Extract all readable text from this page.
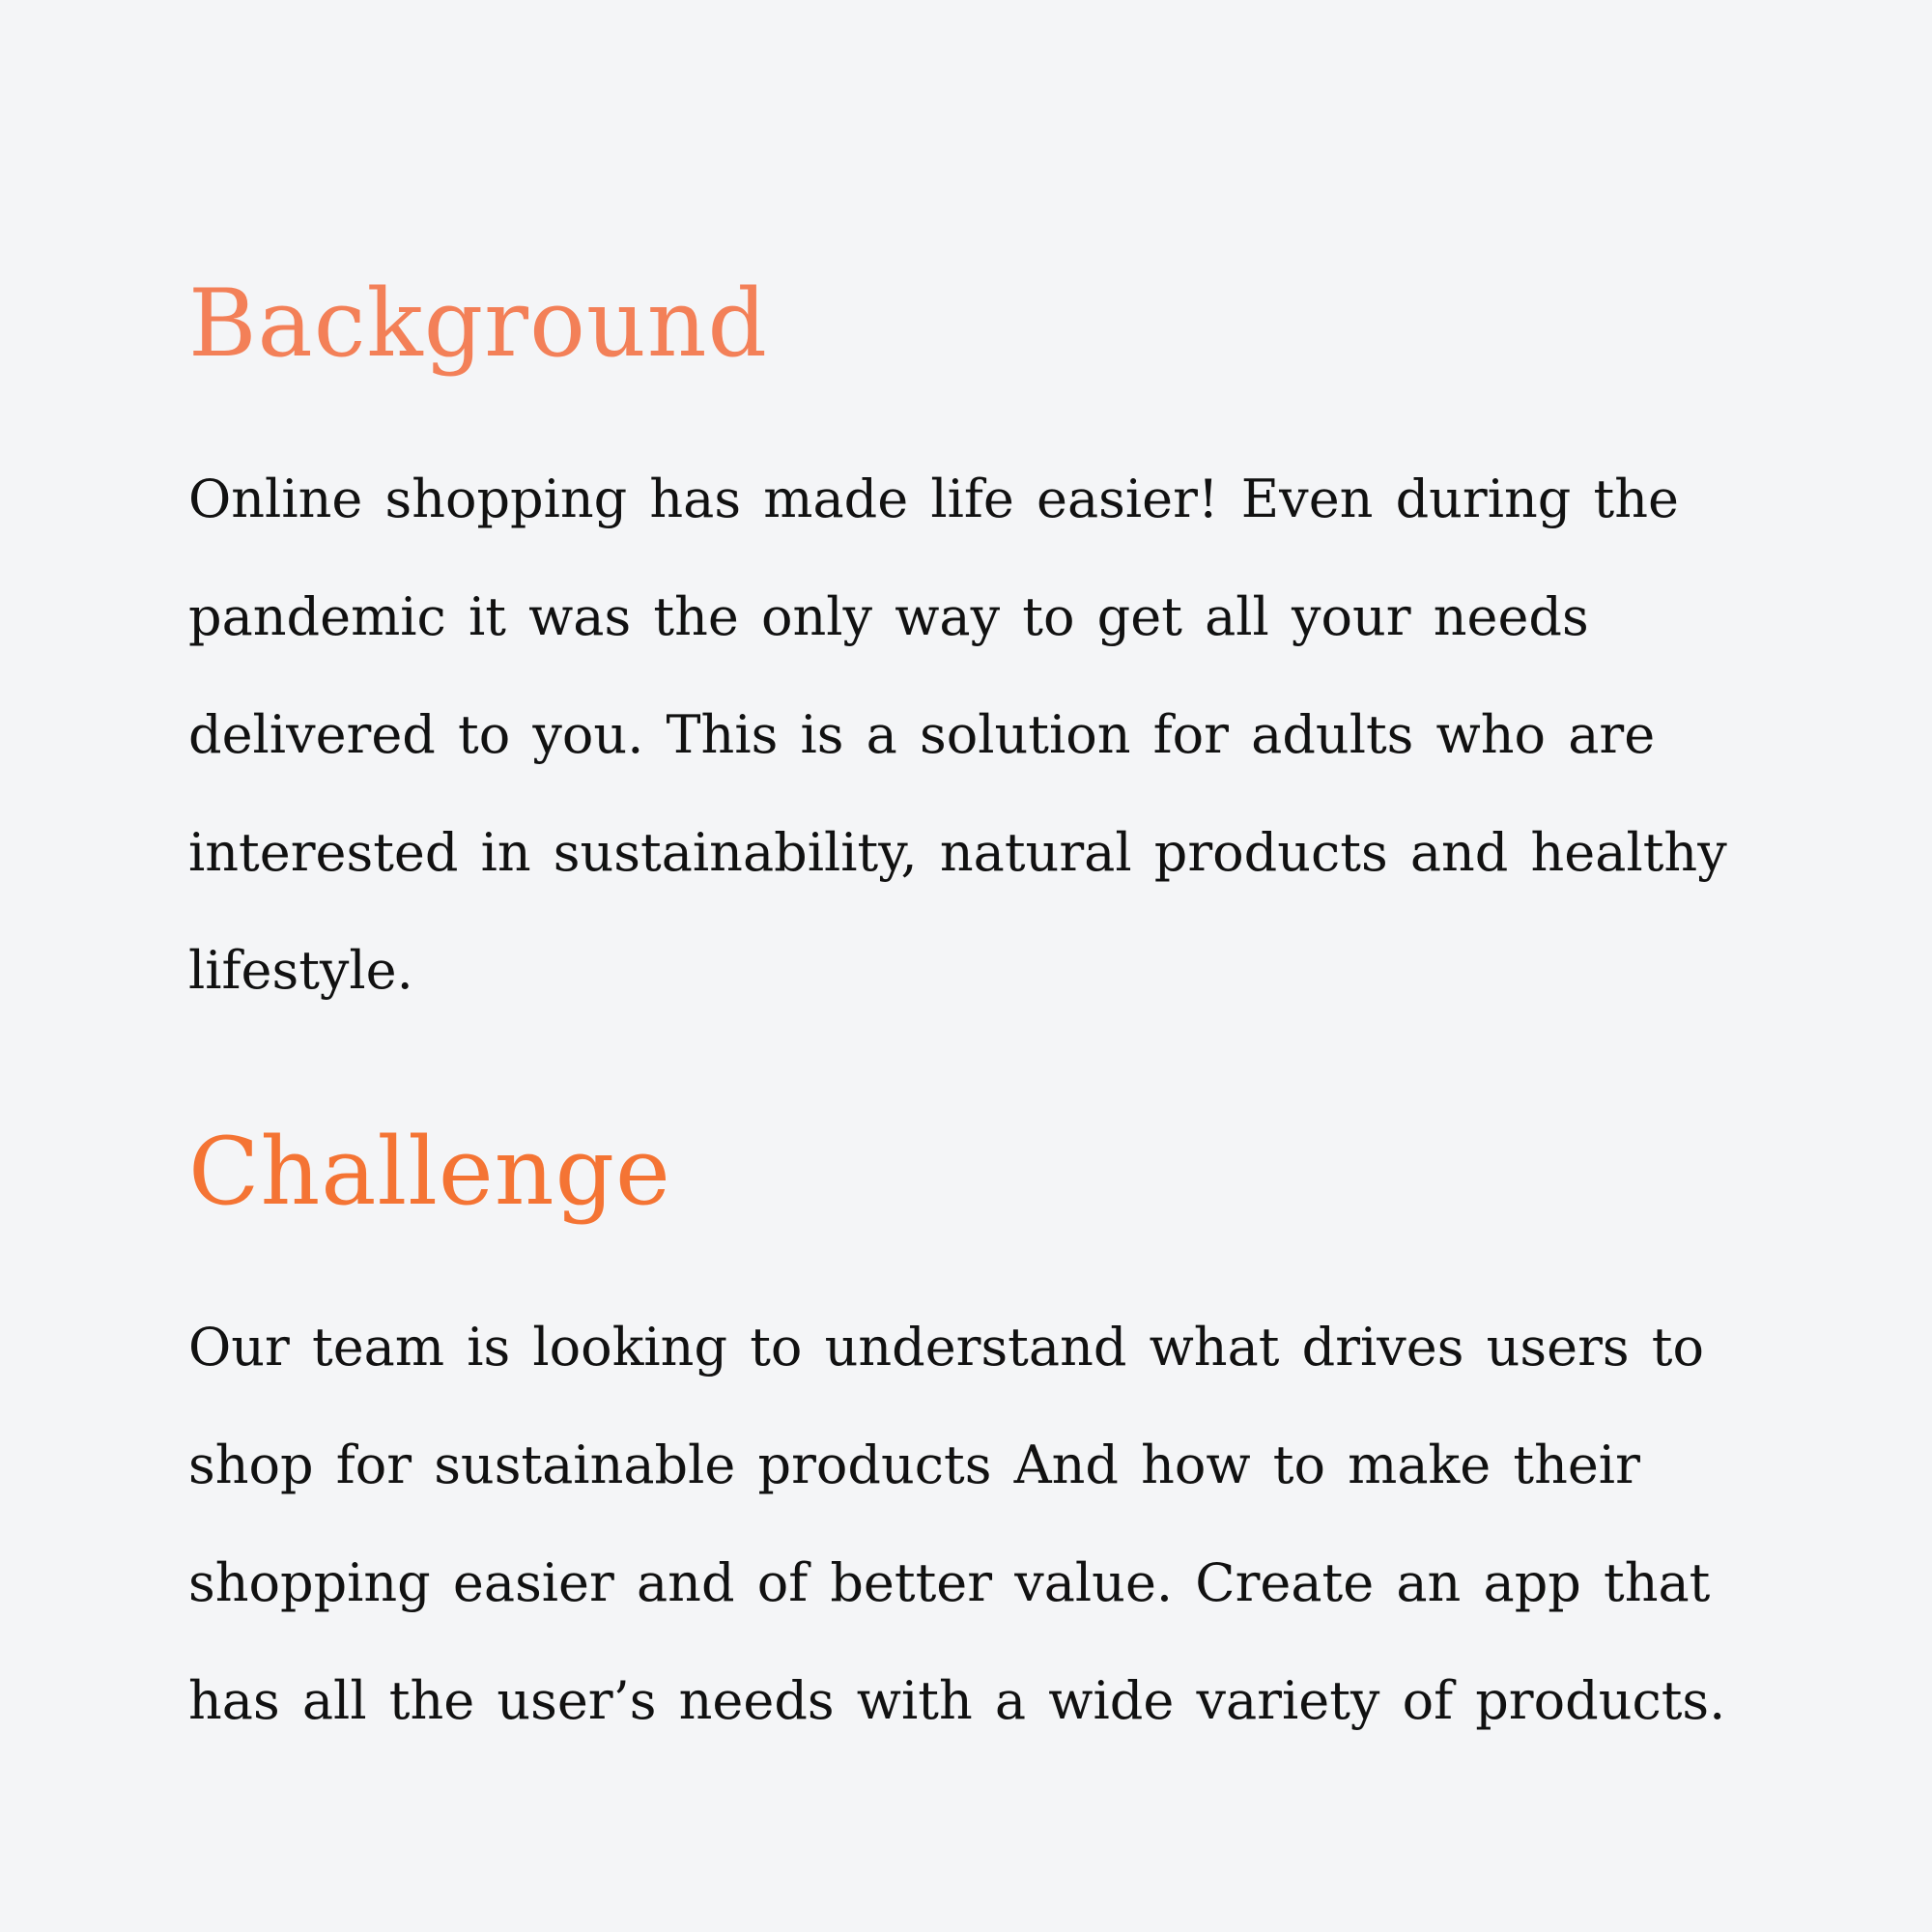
Background

Online shopping has made life easier! Even during the pandemic it was the only way to get all your needs delivered to you. This is a solution for adults who are interested in sustainability, natural products and healthy lifestyle.

Challenge

Our team is looking to understand what drives users to shop for sustainable products And how to make their shopping easier and of better value. Create an app that has all the user’s needs with a wide variety of products.
